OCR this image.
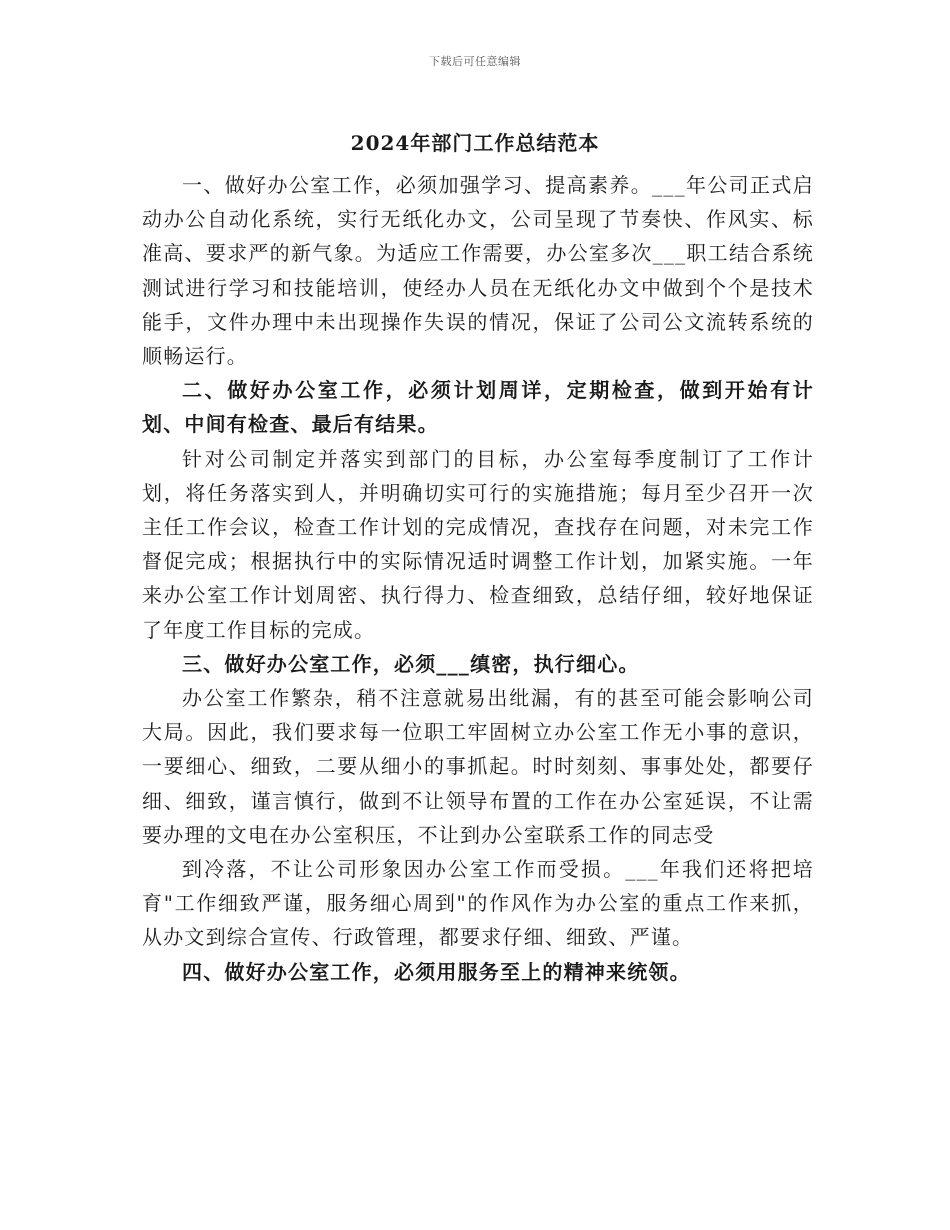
下载后可任意编辑
2024年部门工作总结范本

一、做好办公室工作，必须加强学习、提高素养。___年公司正式启动办公自动化系统，实行无纸化办文，公司呈现了节奏快、作风实、标准高、要求严的新气象。为适应工作需要，办公室多次___职工结合系统测试进行学习和技能培训，使经办人员在无纸化办文中做到个个是技术能手，文件办理中未出现操作失误的情况，保证了公司公文流转系统的顺畅运行。

二、做好办公室工作，必须计划周详，定期检查，做到开始有计划、中间有检查、最后有结果。

针对公司制定并落实到部门的目标，办公室每季度制订了工作计划，将任务落实到人，并明确切实可行的实施措施；每月至少召开一次主任工作会议，检查工作计划的完成情况，查找存在问题，对未完工作督促完成；根据执行中的实际情况适时调整工作计划，加紧实施。一年来办公室工作计划周密、执行得力、检查细致，总结仔细，较好地保证了年度工作目标的完成。

三、做好办公室工作，必须___缜密，执行细心。

办公室工作繁杂，稍不注意就易出纰漏，有的甚至可能会影响公司大局。因此，我们要求每一位职工牢固树立办公室工作无小事的意识，一要细心、细致，二要从细小的事抓起。时时刻刻、事事处处，都要仔细、细致，谨言慎行，做到不让领导布置的工作在办公室延误，不让需要办理的文电在办公室积压，不让到办公室联系工作的同志受

到冷落，不让公司形象因办公室工作而受损。___年我们还将把培育"工作细致严谨，服务细心周到"的作风作为办公室的重点工作来抓，从办文到综合宣传、行政管理，都要求仔细、细致、严谨。

四、做好办公室工作，必须用服务至上的精神来统领。
